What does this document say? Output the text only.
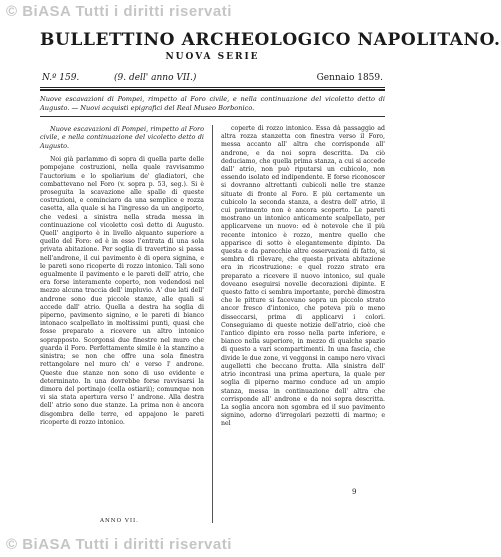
© BiASA Tutti i diritti riservati
BULLETTINO ARCHEOLOGICO NAPOLITANO.
NUOVA SERIE
N.º 159.	(9. dell' anno VII.)	Gennaio 1859.
Nuove escavazioni di Pompei, rimpetto al Foro civile, e nella continuazione del vicoletto detto di Augusto. — Nuovi acquisti epigrafici del Real Museo Borbonico.
Nuove escavazioni di Pompei, rimpetto al Foro civile, e nella continuazione del vicoletto detto di Augusto.

Noi già parlammo di sopra di quella parte delle pompejane costruzioni, nella quale ravvisammo l'auctorium e lo spoliarium de' gladiatori, che combattevano nel Foro (v. sopra p. 53, seg.). Si è proseguita la scavazione alle spalle di queste costruzioni, e cominciaro da una semplice e rozza casetta, alla quale si ha l'ingresso da un angiporto, che vedesi a sinistra nella strada messa in continuazione col vicoletto così detto di Augusto. Quell' angiporto è in livello alquanto superiore a quello del Foro: ed è in esso l'entrata di una sola privata abitazione. Per soglia di travertino si passa nell'androne, il cui pavimento è di opera signina, e le pareti sono ricoperte di rozzo intonico. Tali sono egualmente il pavimento e le pareti dell' atrio, che era forse interamente coperto, non vedendosi nel mezzo alcuna traccia dell' impluvio. A' due lati dell' androne sono due piccole stanze, alle quali si accede dall' atrio. Quella a destra ha soglia di piperno, pavimento signino, e le pareti di bianco intonaco scalpellato in moltissimi punti, quasi che fosse preparato a ricevere un altro intonico soprapposto. Scorgonsi due finestre nel muro che guarda il Foro. Perfettamente simile è la stanzino a sinistra; se non che offre una sola finestra rettangolare nel muro ch' e verso l' androne. Queste due stanze non sono di uso evidente e determinato. In una dovrebbe forse ravvisarsi la dimora del portinajo (cella ostiarii); comunque non vi sia stata apertura verso l' androne. Alla destra dell' atrio sono due stanze. La prima non è ancora disgombra delle terre, ed appajono le pareti ricoperte di rozzo intonico.

coperte di rozzo intonico. Essa dà passaggio ad altra rozza stanzetta con finestra verso il Foro, messa accanto all' altra che corrisponde all' androne, e da noi sopra descritta. Da ciò deduciamo, che quella prima stanza, a cui si accede dall' atrio, non può riputarsi un cubicolo, non essendo isolato ed indipendente. E forse riconoscer si dovranno altrettanti cubicoli nelle tre stanze situate di fronte al Foro. E più certamente un cubicolo la seconda stanza, a destra dell' atrio, il cui pavimento non è ancora scoperto. Le pareti mostrano un intonico anticamente scalpellato, per applicarvene un nuovo: ed è notevole che il più recente intonico è rozzo, mentre quello che apparisce di sotto è elegantemente dipinto. Da questa e da parecchie altre osservazioni di fatto, si sembra di rilevare, che questa privata abitazione era in ricostruzione: e quel rozzo strato era preparato a ricevere il nuovo intonico, sul quale doveano eseguirsi novelle decorazioni dipinte. E questo fatto ci sembra importante, perchè dimostra che le pitture si facevano sopra un piccolo strato ancor fresco d'intonico, che poteva più o meno disseccarsi, prima di applicarvi i colori. Conseguiamo di queste notizie dell'atrio, cioè che l'antico dipinto era rosso nella parte inferiore, e bianco nella superiore, in mezzo di qualche spazio di questo a vari scompartimenti. In una fascia, che divide le due zone, vi veggonsi in campo nero vivaci augelletti che beccano frutta. Alla sinistra dell' atrio incontrasi una prima apertura, la quale per soglia di piperno marmo conduce ad un ampio stanza, messa in continuazione dell' altra che corrisponde all' androne e da noi sopra descritta. La soglia ancora non sgombra ed il suo pavimento signino, adorno d'irregolari pezzetti di marmo; e nel

ANNO VII.
9
© BiASA Tutti i diritti riservati
